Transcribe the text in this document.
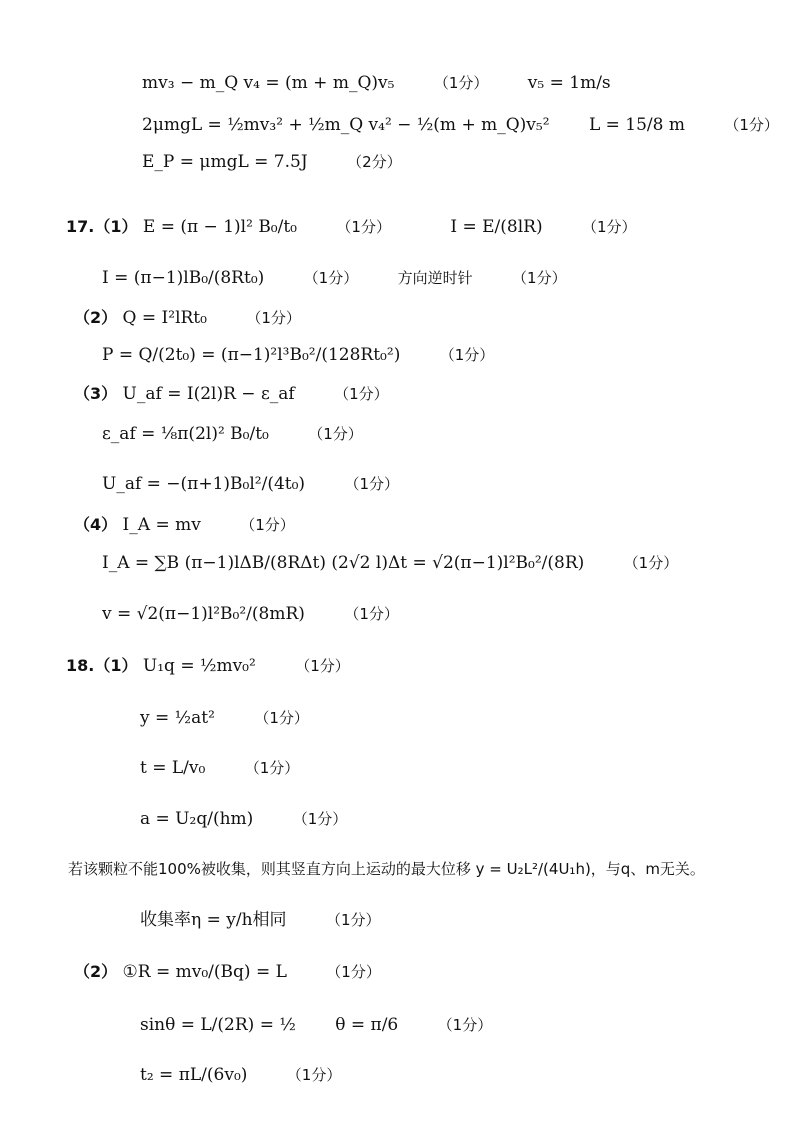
mv₃ − m_Q v₄ = (m + m_Q)v₅	（1分） v₅ = 1m/s
2μmgL = ½mv₃² + ½m_Q v₄² − ½(m + m_Q)v₅² L = 15/8 m	（1分）
E_P = μmgL = 7.5J	（2分）
17.（1） E = (π − 1)l² B₀/t₀	（1分）	I = E/(8lR)	（1分）
I = (π−1)lB₀/(8Rt₀)	（1分）	方向逆时针	（1分）
（2） Q = I²lRt₀	（1分）
P = Q/(2t₀) = (π−1)²l³B₀²/(128Rt₀²)	（1分）
（3） U_af = I(2l)R − ε_af	（1分）
ε_af = ⅛π(2l)² B₀/t₀	（1分）
U_af = −(π+1)B₀l²/(4t₀)	（1分）
（4） I_A = mv	（1分）
I_A = ∑B (π−1)lΔB/(8RΔt) (2√2 l)Δt = √2(π−1)l²B₀²/(8R)	（1分）
v = √2(π−1)l²B₀²/(8mR)	（1分）
18.（1） U₁q = ½mv₀²	（1分）
y = ½at²	（1分）
t = L/v₀	（1分）
a = U₂q/(hm)	（1分）
若该颗粒不能100%被收集，则其竖直方向上运动的最大位移 y = U₂L²/(4U₁h)，与q、m无关。
收集率η = y/h相同	（1分）
（2） ①R = mv₀/(Bq) = L	（1分）
sinθ = L/(2R) = ½ θ = π/6	（1分）
t₂ = πL/(6v₀)	（1分）
